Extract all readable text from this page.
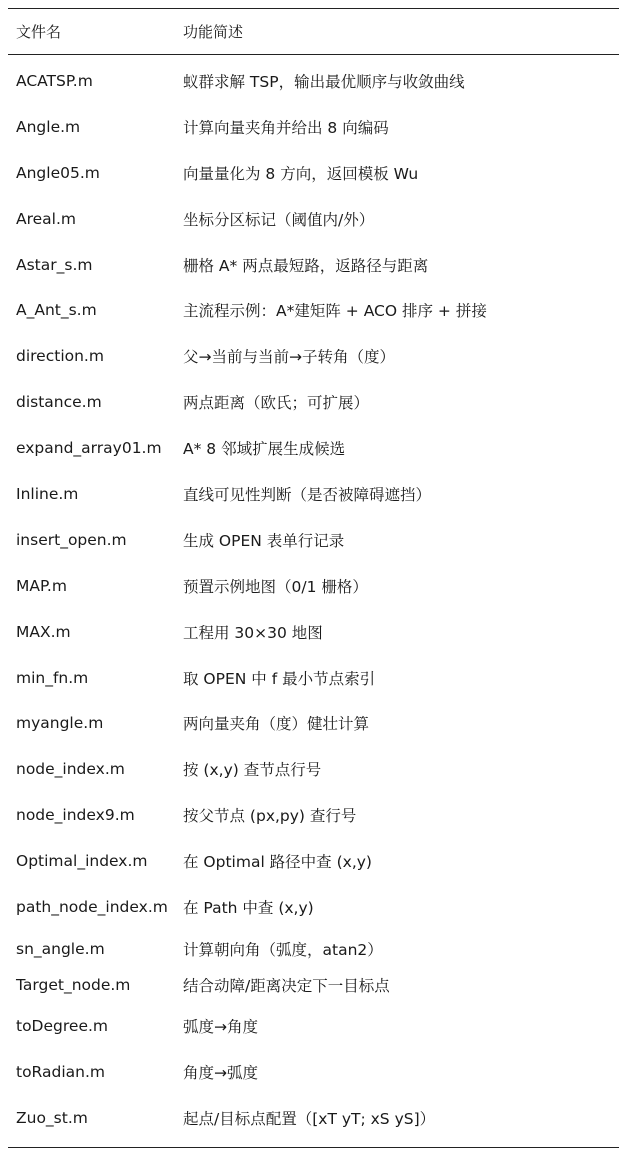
文件名	功能简述
ACATSP.m	蚁群求解 TSP，输出最优顺序与收敛曲线
Angle.m	计算向量夹角并给出 8 向编码
Angle05.m	向量量化为 8 方向，返回模板 Wu
Areal.m	坐标分区标记（阈值内/外）
Astar_s.m	栅格 A* 两点最短路，返路径与距离
A_Ant_s.m	主流程示例：A*建矩阵 + ACO 排序 + 拼接
direction.m	父→当前与当前→子转角（度）
distance.m	两点距离（欧氏；可扩展）
expand_array01.m	A* 8 邻域扩展生成候选
Inline.m	直线可见性判断（是否被障碍遮挡）
insert_open.m	生成 OPEN 表单行记录
MAP.m	预置示例地图（0/1 栅格）
MAX.m	工程用 30×30 地图
min_fn.m	取 OPEN 中 f 最小节点索引
myangle.m	两向量夹角（度）健壮计算
node_index.m	按 (x,y) 查节点行号
node_index9.m	按父节点 (px,py) 查行号
Optimal_index.m	在 Optimal 路径中查 (x,y)
path_node_index.m 在 Path 中查 (x,y)
sn_angle.m	计算朝向角（弧度，atan2）
Target_node.m	结合动障/距离决定下一目标点
toDegree.m	弧度→角度
toRadian.m	角度→弧度
Zuo_st.m	起点/目标点配置（[xT yT; xS yS]）
